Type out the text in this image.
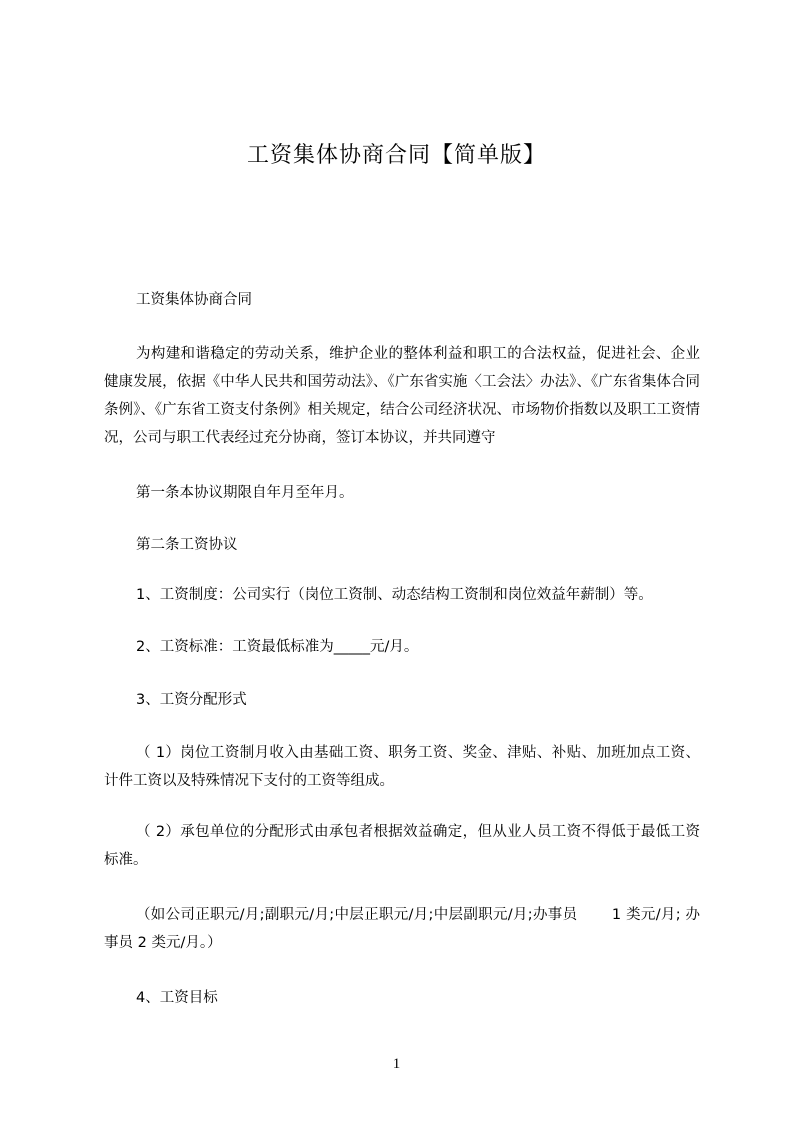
工资集体协商合同【简单版】
工资集体协商合同
为构建和谐稳定的劳动关系，维护企业的整体利益和职工的合法权益，促进社会、企业健康发展，依据《中华人民共和国劳动法》、《广东省实施〈工会法〉办法》、《广东省集体合同条例》、《广东省工资支付条例》相关规定，结合公司经济状况、市场物价指数以及职工工资情况，公司与职工代表经过充分协商，签订本协议，并共同遵守
第一条本协议期限自年月至年月。
第二条工资协议
1、工资制度：公司实行（岗位工资制、动态结构工资制和岗位效益年薪制）等。
2、工资标准：工资最低标准为_____元/月。
3、工资分配形式
（ 1）岗位工资制月收入由基础工资、职务工资、奖金、津贴、补贴、加班加点工资、计件工资以及特殊情况下支付的工资等组成。
（ 2）承包单位的分配形式由承包者根据效益确定，但从业人员工资不得低于最低工资标准。
（如公司正职元/月;副职元/月;中层正职元/月;中层副职元/月;办事员　　 1 类元/月; 办事员 2 类元/月。）
4、工资目标
1
